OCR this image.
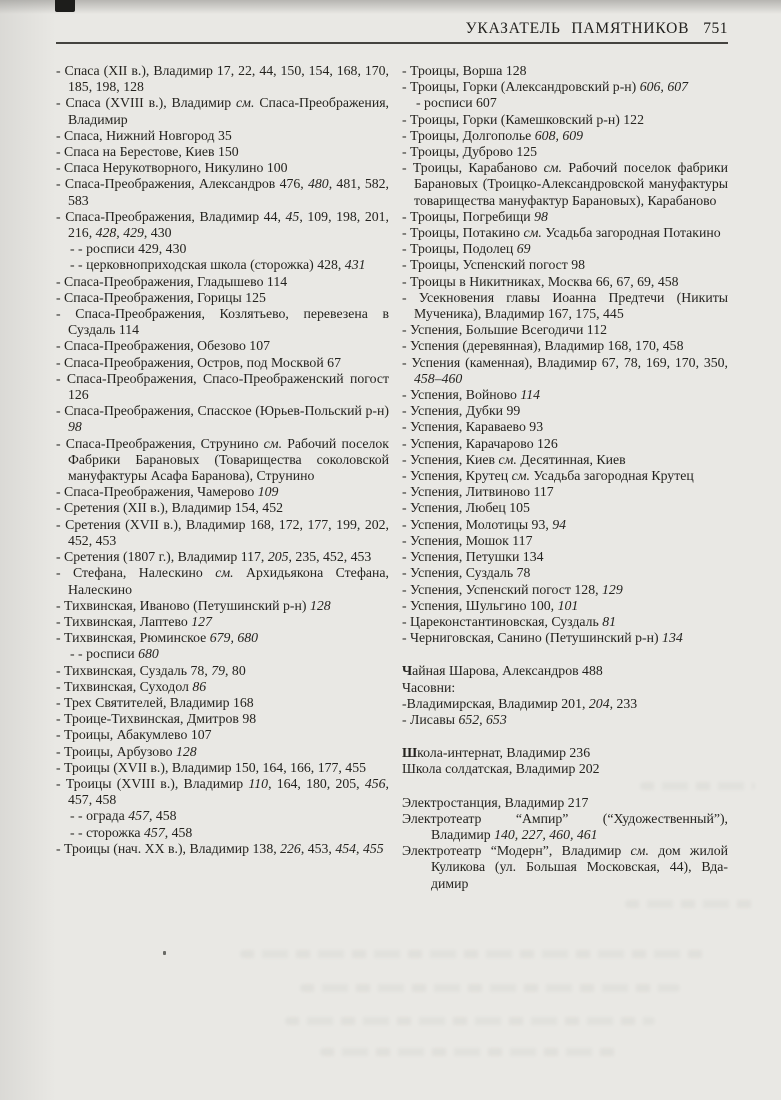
УКАЗАТЕЛЬ ПАМЯТНИКОВ 751
- Спаса (XII в.), Владимир 17, 22, 44, 150, 154, 168, 170, 185, 198, 128
- Спаса (XVIII в.), Владимир см. Спаса-Преображения, Владимир
- Спаса, Нижний Новгород 35
- Спаса на Берестове, Киев 150
- Спаса Нерукотворного, Никулино 100
- Спаса-Преображения, Александров 476, 480, 481, 582, 583
- Спаса-Преображения, Владимир 44, 45, 109, 198, 201, 216, 428, 429, 430
- - росписи 429, 430
- - церковноприходская школа (сторожка) 428, 431
- Спаса-Преображения, Гладышево 114
- Спаса-Преображения, Горицы 125
- Спаса-Преображения, Козлятьево, перевезена в Суздаль 114
- Спаса-Преображения, Обезово 107
- Спаса-Преображения, Остров, под Москвой 67
- Спаса-Преображения, Спасо-Преображенский погост 126
- Спаса-Преображения, Спасское (Юрьев-Польский р-н) 98
- Спаса-Преображения, Струнино см. Рабочий поселок Фабрики Барановых (Товарищества соколовской мануфактуры Асафа Баранова), Струнино
- Спаса-Преображения, Чамерово 109
- Сретения (XII в.), Владимир 154, 452
- Сретения (XVII в.), Владимир 168, 172, 177, 199, 202, 452, 453
- Сретения (1807 г.), Владимир 117, 205, 235, 452, 453
- Стефана, Налескино см. Архидьякона Стефана, Налескино
- Тихвинская, Иваново (Петушинский р-н) 128
- Тихвинская, Лаптево 127
- Тихвинская, Рюминское 679, 680
- - росписи 680
- Тихвинская, Суздаль 78, 79, 80
- Тихвинская, Суходол 86
- Трех Святителей, Владимир 168
- Троице-Тихвинская, Дмитров 98
- Троицы, Абакумлево 107
- Троицы, Арбузово 128
- Троицы (XVII в.), Владимир 150, 164, 166, 177, 455
- Троицы (XVIII в.), Владимир 110, 164, 180, 205, 456, 457, 458
- - ограда 457, 458
- - сторожка 457, 458
- Троицы (нач. XX в.), Владимир 138, 226, 453, 454, 455
- Троицы, Ворша 128
- Троицы, Горки (Александровский р-н) 606, 607
- росписи 607
- Троицы, Горки (Камешковский р-н) 122
- Троицы, Долгополье 608, 609
- Троицы, Дуброво 125
- Троицы, Карабаново см. Рабочий поселок фабрики Барановых (Троицко-Александровской мануфактуры товарищества мануфактур Барановых), Карабаново
- Троицы, Погребищи 98
- Троицы, Потакино см. Усадьба загородная Потакино
- Троицы, Подолец 69
- Троицы, Успенский погост 98
- Троицы в Никитниках, Москва 66, 67, 69, 458
- Усекновения главы Иоанна Предтечи (Никиты Мученика), Владимир 167, 175, 445
- Успения, Большие Всегодичи 112
- Успения (деревянная), Владимир 168, 170, 458
- Успения (каменная), Владимир 67, 78, 169, 170, 350, 458–460
- Успения, Войново 114
- Успения, Дубки 99
- Успения, Караваево 93
- Успения, Карачарово 126
- Успения, Киев см. Десятинная, Киев
- Успения, Крутец см. Усадьба загородная Крутец
- Успения, Литвиново 117
- Успения, Любец 105
- Успения, Молотицы 93, 94
- Успения, Мошок 117
- Успения, Петушки 134
- Успения, Суздаль 78
- Успения, Успенский погост 128, 129
- Успения, Шульгино 100, 101
- Цареконстантиновская, Суздаль 81
- Черниговская, Санино (Петушинский р-н) 134
Чайная Шарова, Александров 488
Часовни:
-Владимирская, Владимир 201, 204, 233
- Лисавы 652, 653
Школа-интернат, Владимир 236
Школа солдатская, Владимир 202
Электростанция, Владимир 217
Электротеатр “Ампир” (“Художественный”), Владимир 140, 227, 460, 461
Электротеатр “Модерн”, Владимир см. дом жилой Куликова (ул. Большая Московская, 44), Вдадимир
